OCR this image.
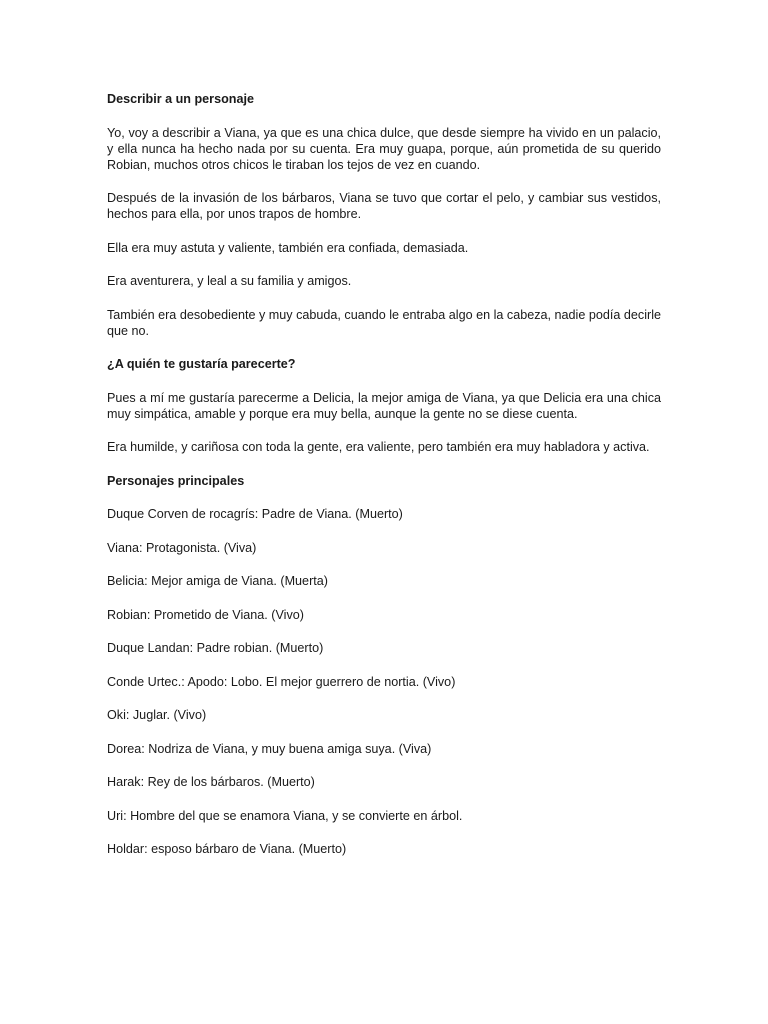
Describir a un personaje

Yo, voy a describir a Viana, ya que es una chica dulce, que desde siempre ha vivido en un palacio, y ella nunca ha hecho nada por su cuenta. Era muy guapa, porque, aún prometida de su querido Robian, muchos otros chicos le tiraban los tejos de vez en cuando.

Después de la invasión de los bárbaros, Viana se tuvo que cortar el pelo, y cambiar sus vestidos, hechos para ella, por unos trapos de hombre.

Ella era muy astuta y valiente, también era confiada, demasiada.

Era aventurera, y leal a su familia y amigos.

También era desobediente y muy cabuda, cuando le entraba algo en la cabeza, nadie podía decirle que no.

¿A quién te gustaría parecerte?

Pues a mí me gustaría parecerme a Delicia, la mejor amiga de Viana, ya que Delicia era una chica muy simpática, amable y porque era muy bella, aunque la gente no se diese cuenta.

Era humilde, y cariñosa con toda la gente, era valiente, pero también era muy habladora y activa.

Personajes principales

Duque Corven de rocagrís: Padre de Viana. (Muerto)

Viana: Protagonista. (Viva)

Belicia: Mejor amiga de Viana. (Muerta)

Robian: Prometido de Viana. (Vivo)

Duque Landan: Padre robian. (Muerto)

Conde Urtec.: Apodo: Lobo. El mejor guerrero de nortia. (Vivo)

Oki: Juglar. (Vivo)

Dorea: Nodriza de Viana, y muy buena amiga suya. (Viva)

Harak: Rey de los bárbaros. (Muerto)

Uri: Hombre del que se enamora Viana, y se convierte en árbol.

Holdar: esposo bárbaro de Viana. (Muerto)
